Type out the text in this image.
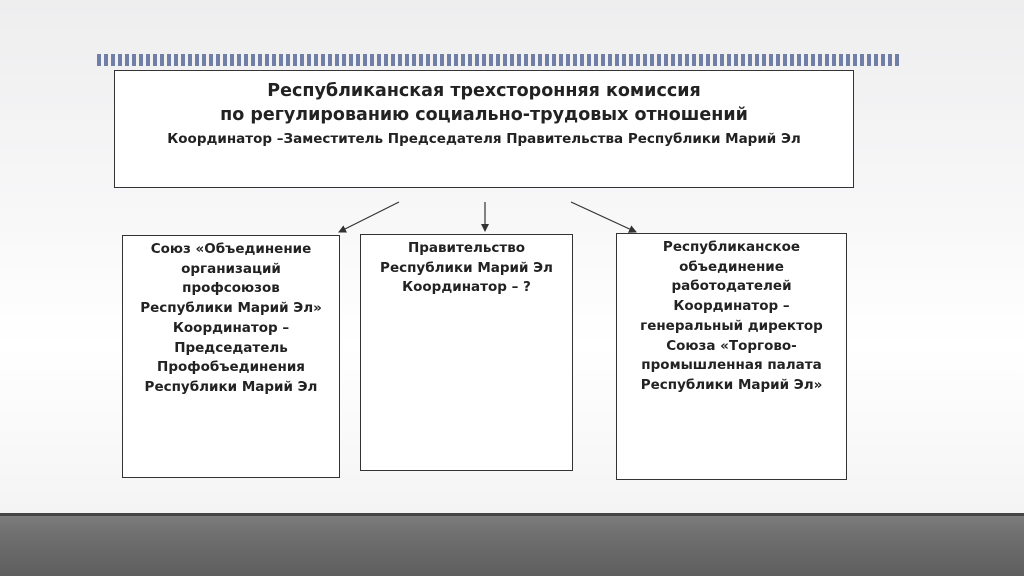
Республиканская трехсторонняя комиссия
по регулированию социально-трудовых отношений
Координатор –Заместитель Председателя Правительства Республики Марий Эл
Союз «Объединение
организаций
профсоюзов
Республики Марий Эл»
Координатор –
Председатель
Профобъединения
Республики Марий Эл
Правительство
Республики Марий Эл
Координатор – ?
Республиканское
объединение
работодателей
Координатор –
генеральный директор
Союза «Торгово-
промышленная палата
Республики Марий Эл»
